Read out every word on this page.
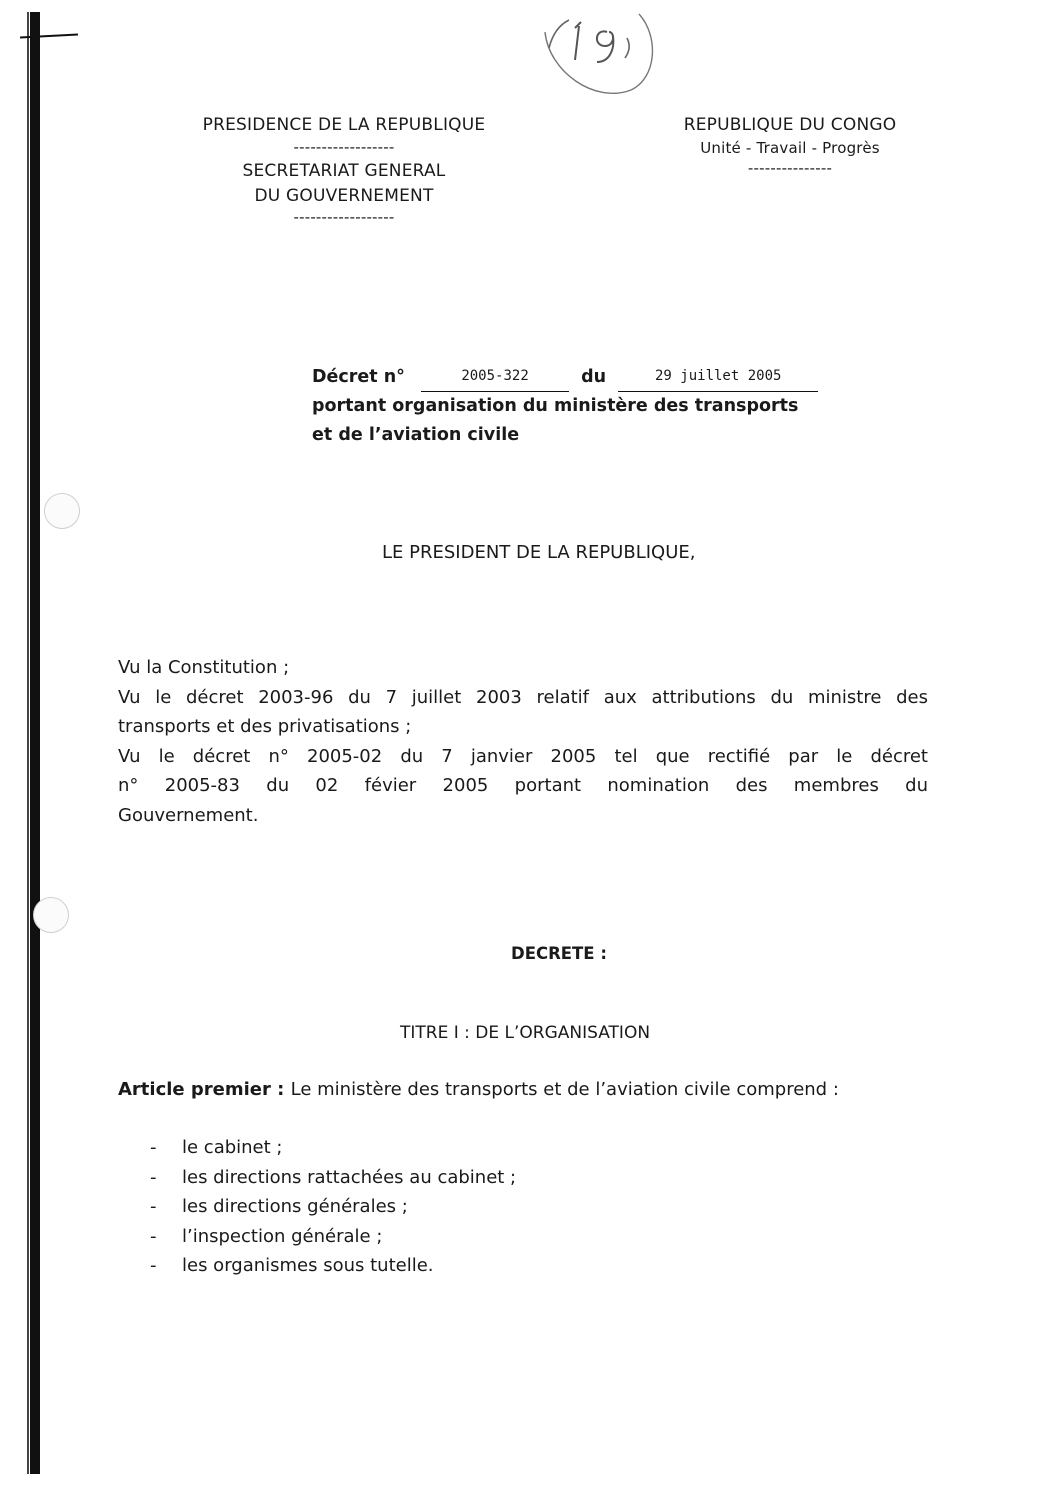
PRESIDENCE DE LA REPUBLIQUE
------------------
SECRETARIAT GENERAL
DU GOUVERNEMENT
------------------
REPUBLIQUE DU CONGO
Unité - Travail - Progrès
---------------
Décret n°	2005-322	du	29 juillet 2005
portant organisation du ministère des transports
et de l’aviation civile
LE PRESIDENT DE LA REPUBLIQUE,
Vu la Constitution ;
Vu le décret 2003-96 du 7 juillet 2003 relatif aux attributions du ministre des
transports et des privatisations ;
Vu le décret n° 2005-02 du 7 janvier 2005 tel que rectifié par le décret
n° 2005-83 du 02 févier 2005 portant nomination des membres du
Gouvernement.
DECRETE :
TITRE I : DE L’ORGANISATION
Article premier : Le ministère des transports et de l’aviation civile comprend :
- le cabinet ;
- les directions rattachées au cabinet ;
- les directions générales ;
- l’inspection générale ;
- les organismes sous tutelle.
